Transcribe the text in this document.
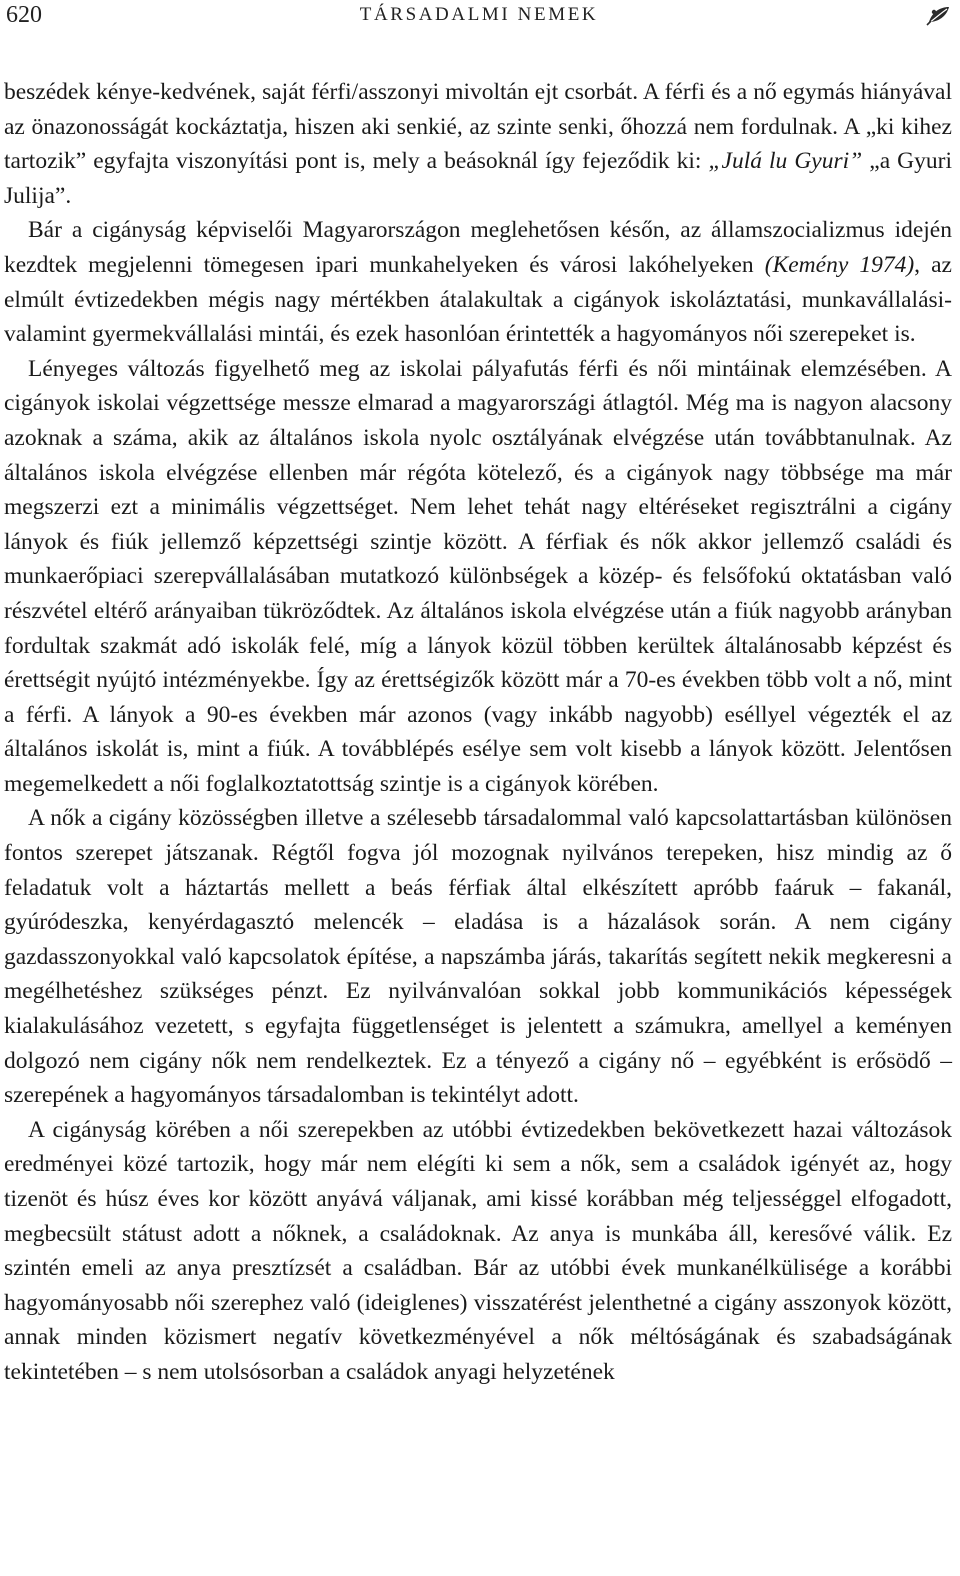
620	TÁRSADALMI NEMEK

beszédek kénye-kedvének, saját férfi/asszonyi mivoltán ejt csorbát. A férfi és a nő egymás hiányával az önazonosságát kockáztatja, hiszen aki senkié, az szinte senki, őhozzá nem fordulnak. A „ki kihez tartozik” egyfajta viszonyítási pont is, mely a beásoknál így fejeződik ki: „Julá lu Gyuri” „a Gyuri Julija”.

Bár a cigányság képviselői Magyarországon meglehetősen későn, az államszocializmus idején kezdtek megjelenni tömegesen ipari munkahelyeken és városi lakóhelyeken (Kemény 1974), az elmúlt évtizedekben mégis nagy mértékben átalakultak a cigányok iskoláztatási, munkavállalási- valamint gyermekvállalási mintái, és ezek hasonlóan érintették a hagyományos női szerepeket is.

Lényeges változás figyelhető meg az iskolai pályafutás férfi és női mintáinak elemzésében. A cigányok iskolai végzettsége messze elmarad a magyarországi átlagtól. Még ma is nagyon alacsony azoknak a száma, akik az általános iskola nyolc osztályának elvégzése után továbbtanulnak. Az általános iskola elvégzése ellenben már régóta kötelező, és a cigányok nagy többsége ma már megszerzi ezt a minimális végzettséget. Nem lehet tehát nagy eltéréseket regisztrálni a cigány lányok és fiúk jellemző képzettségi szintje között. A férfiak és nők akkor jellemző családi és munkaerőpiaci szerepvállalásában mutatkozó különbségek a közép- és felsőfokú oktatásban való részvétel eltérő arányaiban tükröződtek. Az általános iskola elvégzése után a fiúk nagyobb arányban fordultak szakmát adó iskolák felé, míg a lányok közül többen kerültek általánosabb képzést és érettségit nyújtó intézményekbe. Így az érettségizők között már a 70-es években több volt a nő, mint a férfi. A lányok a 90-es években már azonos (vagy inkább nagyobb) eséllyel végezték el az általános iskolát is, mint a fiúk. A továbblépés esélye sem volt kisebb a lányok között. Jelentősen megemelkedett a női foglalkoztatottság szintje is a cigányok körében.

A nők a cigány közösségben illetve a szélesebb társadalommal való kapcsolattartásban különösen fontos szerepet játszanak. Régtől fogva jól mozognak nyilvános terepeken, hisz mindig az ő feladatuk volt a háztartás mellett a beás férfiak által elkészített apróbb faáruk – fakanál, gyúródeszka, kenyérdagasztó melencék – eladása is a házalások során. A nem cigány gazdasszonyokkal való kapcsolatok építése, a napszámba járás, takarítás segített nekik megkeresni a megélhetéshez szükséges pénzt. Ez nyilvánvalóan sokkal jobb kommunikációs képességek kialakulásához vezetett, s egyfajta függetlenséget is jelentett a számukra, amellyel a keményen dolgozó nem cigány nők nem rendelkeztek. Ez a tényező a cigány nő – egyébként is erősödő – szerepének a hagyományos társadalomban is tekintélyt adott.

A cigányság körében a női szerepekben az utóbbi évtizedekben bekövetkezett hazai változások eredményei közé tartozik, hogy már nem elégíti ki sem a nők, sem a családok igényét az, hogy tizenöt és húsz éves kor között anyává váljanak, ami kissé korábban még teljességgel elfogadott, megbecsült státust adott a nőknek, a családoknak. Az anya is munkába áll, keresővé válik. Ez szintén emeli az anya presztízsét a családban. Bár az utóbbi évek munkanélkülisége a korábbi hagyományosabb női szerephez való (ideiglenes) visszatérést jelenthetné a cigány asszonyok között, annak minden közismert negatív következményével a nők méltóságának és szabadságának tekintetében – s nem utolsósorban a családok anyagi helyzetének
